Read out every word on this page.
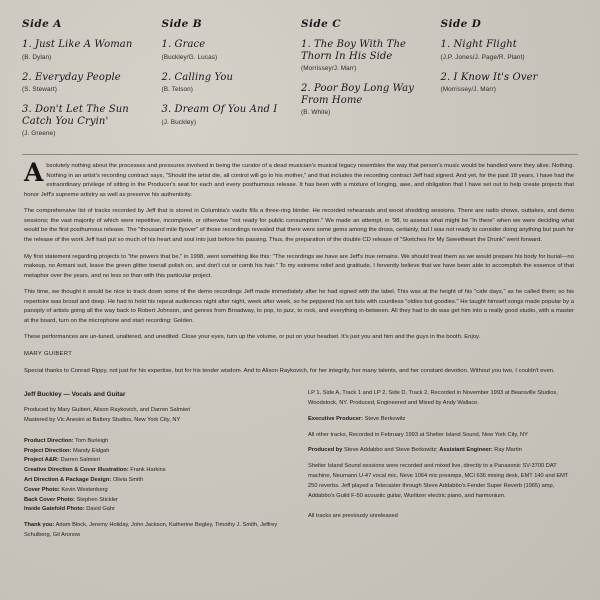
Side A
1. Just Like A Woman
(B. Dylan)
2. Everyday People
(S. Stewart)
3. Don't Let The Sun Catch You Cryin'
(J. Greene)
Side B
1. Grace
(Buckley/G. Lucas)
2. Calling You
(B. Telson)
3. Dream Of You And I
(J. Buckley)
Side C
1. The Boy With The Thorn In His Side
(Morrissey/J. Marr)
2. Poor Boy Long Way From Home
(B. White)
Side D
1. Night Flight
(J.P. Jones/J. Page/R. Plant)
2. I Know It's Over
(Morrissey/J. Marr)

Absolutely nothing about the processes and pressures involved in being the curator of a dead musician's musical legacy resembles the way that person's music would be handled were they alive. Nothing. Nothing in an artist's recording contract says, "Should the artist die, all control will go to his mother," and that includes the recording contract Jeff had signed. And yet, for the past 18 years, I have had the extraordinary privilege of sitting in the Producer's seat for each and every posthumous release. It has been with a mixture of longing, awe, and obligation that I have set out to help create projects that honor Jeff's supreme artistry as well as preserve his authenticity.

The comprehensive list of tracks recorded by Jeff that is stored in Columbia's vaults fills a three-ring binder. He recorded rehearsals and wood shedding sessions. There are radio shows, outtakes, and demo sessions; the vast majority of which were repetitive, incomplete, or otherwise "not ready for public consumption." We made an attempt, in '98, to assess what might be "in there" when we were deciding what would be the first posthumous release. The "thousand mile flyover" of those recordings revealed that there were some gems among the dross, certainly, but I was not ready to consider doing anything but push for the release of the work Jeff had put so much of his heart and soul into just before his passing. Thus, the preparation of the double CD release of "Sketches for My Sweetheart the Drunk" went forward.

My first statement regarding projects to "the powers that be," in 1998, went something like this: "The recordings we have are Jeff's true remains. We should treat them as we would prepare his body for burial—no makeup, no Armani suit, leave the green glitter toenail polish on, and don't cut or comb his hair." To my extreme relief and gratitude, I fervently believe that we have been able to accomplish the essence of that metaphor over the years, and no less so than with this particular project.

This time, we thought it would be nice to track down some of the demo recordings Jeff made immediately after he had signed with the label. This was at the height of his "cafe days," as he called them; so his repertoire was broad and deep. He had to hold his repeat audiences night after night, week after week, so he peppered his set lists with countless "oldies but goodies." He taught himself songs made popular by a panoply of artists going all the way back to Robert Johnson, and genres from Broadway, to pop, to jazz, to rock, and everything in-between. All they had to do was get him into a really good studio, with a master at the board, turn on the microphone and start recording: Golden.

These performances are un-tuned, unaltered, and unedited. Close your eyes, turn up the volume, or put on your headset. It's just you and him and the guys in the booth. Enjoy.

MARY GUIBERT

Special thanks to Conrad Rippy, not just for his expertise, but for his tender wisdom. And to Alison Raykovich, for her integrity, her many talents, and her constant devotion. Without you two, I couldn't even.

Jeff Buckley — Vocals and Guitar

Produced by Mary Guibert, Alison Raykovich, and Darren Salmieri
Mastered by Vic Anesini at Battery Studios, New York City, NY

Product Direction: Tom Burleigh
Project Direction: Mandy Eidgah
Project A&R: Darren Salmieri
Creative Direction & Cover Illustration: Frank Harkins
Art Direction & Package Design: Olivia Smith
Cover Photo: Kevin Westenberg
Back Cover Photo: Stephen Stickler
Inside Gatefold Photo: David Gahr

Thank you: Adam Block, Jeremy Holiday, John Jackson, Katherine Begley, Timothy J. Smith, Jeffrey Schulberg, Gil Aronow

LP 1, Side A, Track 1 and LP 2, Side D, Track 2, Recorded in November 1993 at Bearsville Studios, Woodstock, NY. Produced, Engineered and Mixed by Andy Wallace.

Executive Producer: Steve Berkowitz

All other tracks, Recorded in February 1993 at Shelter Island Sound, New York City, NY

Produced by Steve Addabbo and Steve Berkowitz; Assistant Engineer: Ray Martin

Shelter Island Sound sessions were recorded and mixed live, directly to a Panasonic SV-3700 DAT machine, Neumann U-47 vocal mic, Neve 1064 mic preamps, MCI 636 mixing desk, EMT 140 and EMT 250 reverbs. Jeff played a Telecaster through Steve Addabbo's Fender Super Reverb (1965) amp, Addabbo's Guild F-50 acoustic guitar, Wurlitzer electric piano, and harmonium.

All tracks are previously unreleased
